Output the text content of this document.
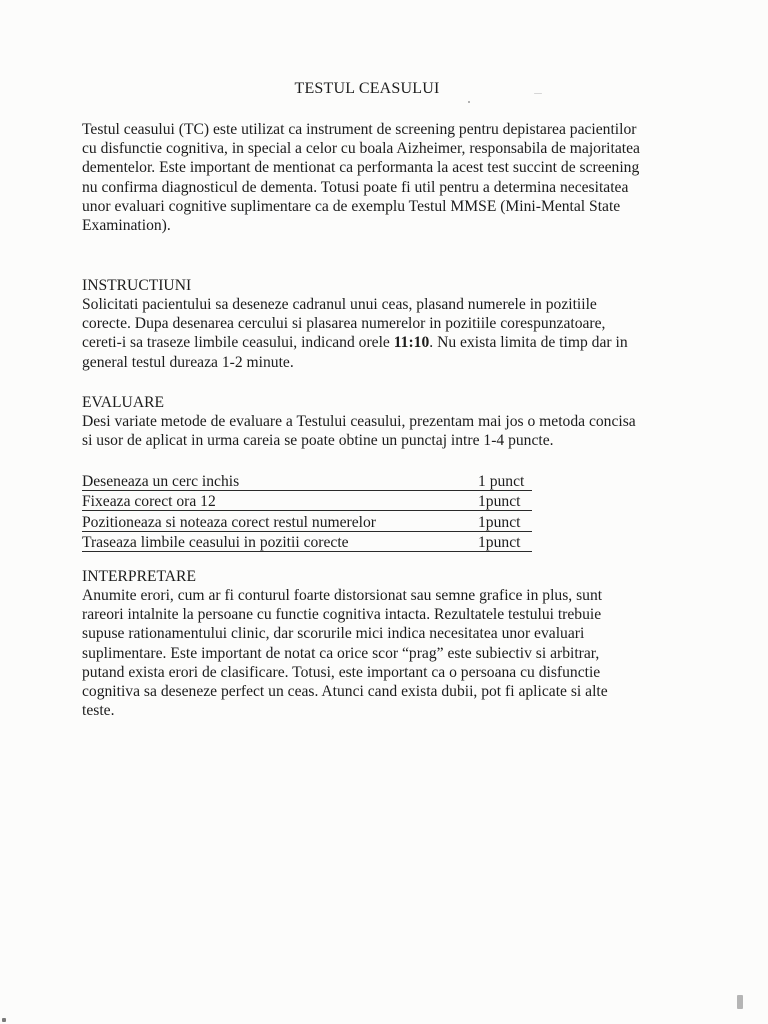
TESTUL CEASULUI
Testul ceasului (TC) este utilizat ca instrument de screening pentru depistarea pacientilor cu disfunctie cognitiva, in special a celor cu boala Aizheimer, responsabila de majoritatea dementelor. Este important de mentionat ca performanta la acest test succint de screening nu confirma diagnosticul de dementa. Totusi poate fi util pentru a determina necesitatea unor evaluari cognitive suplimentare ca de exemplu Testul MMSE (Mini-Mental State Examination).
INSTRUCTIUNI
Solicitati pacientului sa deseneze cadranul unui ceas, plasand numerele in pozitiile corecte. Dupa desenarea cercului si plasarea numerelor in pozitiile corespunzatoare, cereti-i sa traseze limbile ceasului, indicand orele 11:10. Nu exista limita de timp dar in general testul dureaza 1-2 minute.
EVALUARE
Desi variate metode de evaluare a Testului ceasului, prezentam mai jos o metoda concisa si usor de aplicat in urma careia se poate obtine un punctaj intre 1-4 puncte.
Deseneaza un cerc inchis	1 punct
Fixeaza corect ora 12	1punct
Pozitioneaza si noteaza corect restul numerelor	1punct
Traseaza limbile ceasului in pozitii corecte	1punct
INTERPRETARE
Anumite erori, cum ar fi conturul foarte distorsionat sau semne grafice in plus, sunt rareori intalnite la persoane cu functie cognitiva intacta. Rezultatele testului trebuie supuse rationamentului clinic, dar scorurile mici indica necesitatea unor evaluari suplimentare. Este important de notat ca orice scor “prag” este subiectiv si arbitrar, putand exista erori de clasificare. Totusi, este important ca o persoana cu disfunctie cognitiva sa deseneze perfect un ceas. Atunci cand exista dubii, pot fi aplicate si alte teste.
